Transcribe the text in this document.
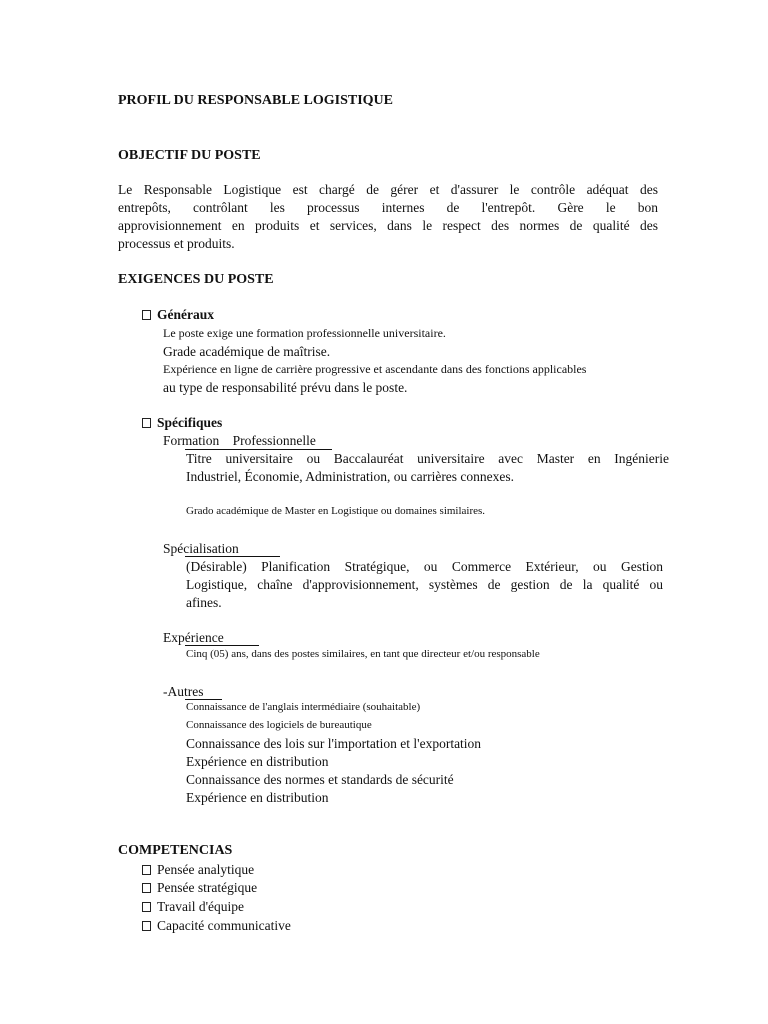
PROFIL DU RESPONSABLE LOGISTIQUE
OBJECTIF DU POSTE
Le Responsable Logistique est chargé de gérer et d'assurer le contrôle adéquat des
entrepôts, contrôlant les processus internes de l'entrepôt. Gère le bon
approvisionnement en produits et services, dans le respect des normes de qualité des
processus et produits.
EXIGENCES DU POSTE
Généraux
Le poste exige une formation professionnelle universitaire.
Grade académique de maîtrise.
Expérience en ligne de carrière progressive et ascendante dans des fonctions applicables
au type de responsabilité prévu dans le poste.
Spécifiques
Formation Professionnelle
Titre universitaire ou Baccalauréat universitaire avec Master en Ingénierie
Industriel, Économie, Administration, ou carrières connexes.
Grado académique de Master en Logistique ou domaines similaires.
Spécialisation
(Désirable) Planification Stratégique, ou Commerce Extérieur, ou Gestion
Logistique, chaîne d'approvisionnement, systèmes de gestion de la qualité ou
afines.
Expérience
Cinq (05) ans, dans des postes similaires, en tant que directeur et/ou responsable
-Autres
Connaissance de l'anglais intermédiaire (souhaitable)
Connaissance des logiciels de bureautique
Connaissance des lois sur l'importation et l'exportation
Expérience en distribution
Connaissance des normes et standards de sécurité
Expérience en distribution
COMPETENCIAS
Pensée analytique
Pensée stratégique
Travail d'équipe
Capacité communicative
